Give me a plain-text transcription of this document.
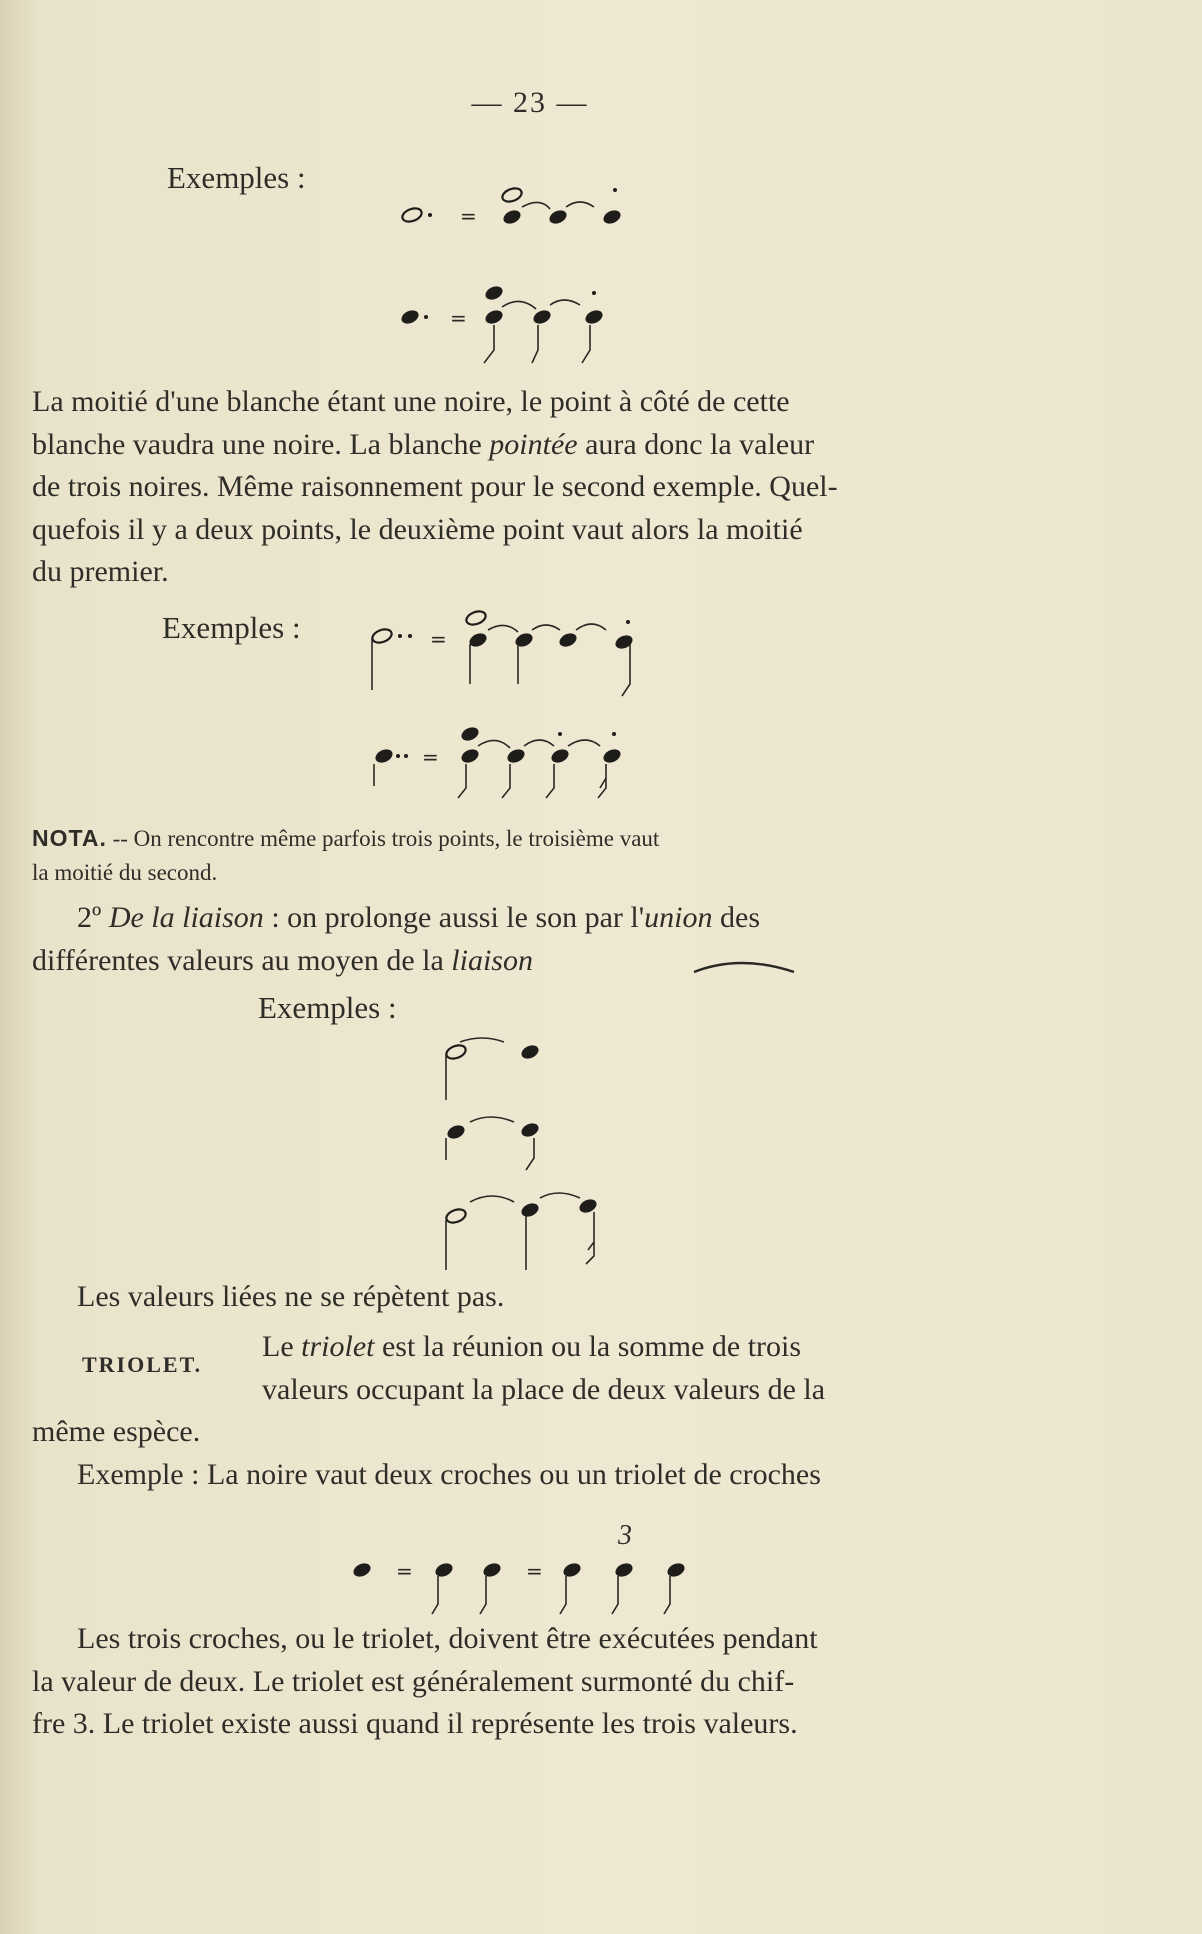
— 23 —
Exemples :
=
=
La moitié d'une blanche étant une noire, le point à côté de cette
blanche vaudra une noire. La blanche pointée aura donc la valeur
de trois noires. Même raisonnement pour le second exemple. Quel-
quefois il y a deux points, le deuxième point vaut alors la moitié
du premier.
Exemples :	=
=
NOTA. -- On rencontre même parfois trois points, le troisième vaut
la moitié du second.
2º De la liaison : on prolonge aussi le son par l'union des
différentes valeurs au moyen de la liaison
Exemples :
Les valeurs liées ne se répètent pas.
TRIOLET.
Le triolet est la réunion ou la somme de trois
valeurs occupant la place de deux valeurs de la
même espèce.
Exemple : La noire vaut deux croches ou un triolet de croches
3
=	=
Les trois croches, ou le triolet, doivent être exécutées pendant
la valeur de deux. Le triolet est généralement surmonté du chif-
fre 3. Le triolet existe aussi quand il représente les trois valeurs.
